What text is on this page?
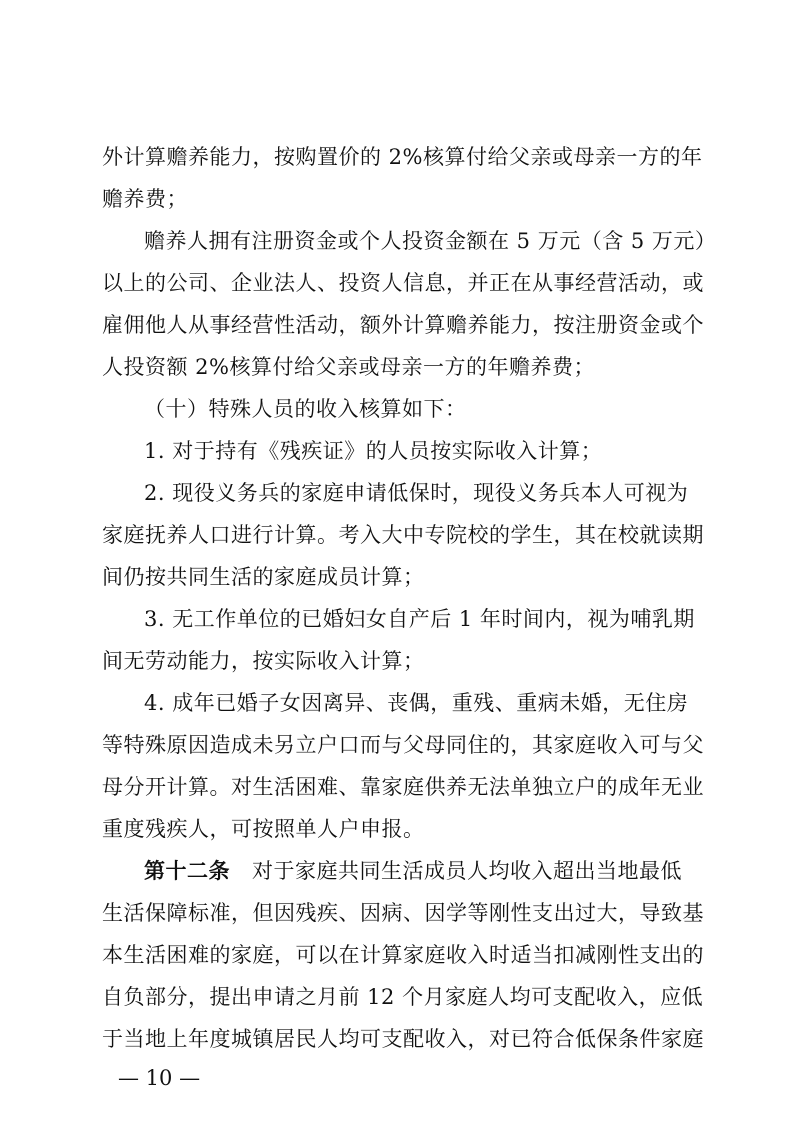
外计算赡养能力，按购置价的 2%核算付给父亲或母亲一方的年
赡养费；
赡养人拥有注册资金或个人投资金额在 5 万元（含 5 万元）
以上的公司、企业法人、投资人信息，并正在从事经营活动，或
雇佣他人从事经营性活动，额外计算赡养能力，按注册资金或个
人投资额 2%核算付给父亲或母亲一方的年赡养费；
（十）特殊人员的收入核算如下：
1. 对于持有《残疾证》的人员按实际收入计算；
2. 现役义务兵的家庭申请低保时，现役义务兵本人可视为
家庭抚养人口进行计算。考入大中专院校的学生，其在校就读期
间仍按共同生活的家庭成员计算；
3. 无工作单位的已婚妇女自产后 1 年时间内，视为哺乳期
间无劳动能力，按实际收入计算；
4. 成年已婚子女因离异、丧偶，重残、重病未婚，无住房
等特殊原因造成未另立户口而与父母同住的，其家庭收入可与父
母分开计算。对生活困难、靠家庭供养无法单独立户的成年无业
重度残疾人，可按照单人户申报。
第十二条 对于家庭共同生活成员人均收入超出当地最低
生活保障标准，但因残疾、因病、因学等刚性支出过大，导致基
本生活困难的家庭，可以在计算家庭收入时适当扣减刚性支出的
自负部分，提出申请之月前 12 个月家庭人均可支配收入，应低
于当地上年度城镇居民人均可支配收入，对已符合低保条件家庭
— 10 —
